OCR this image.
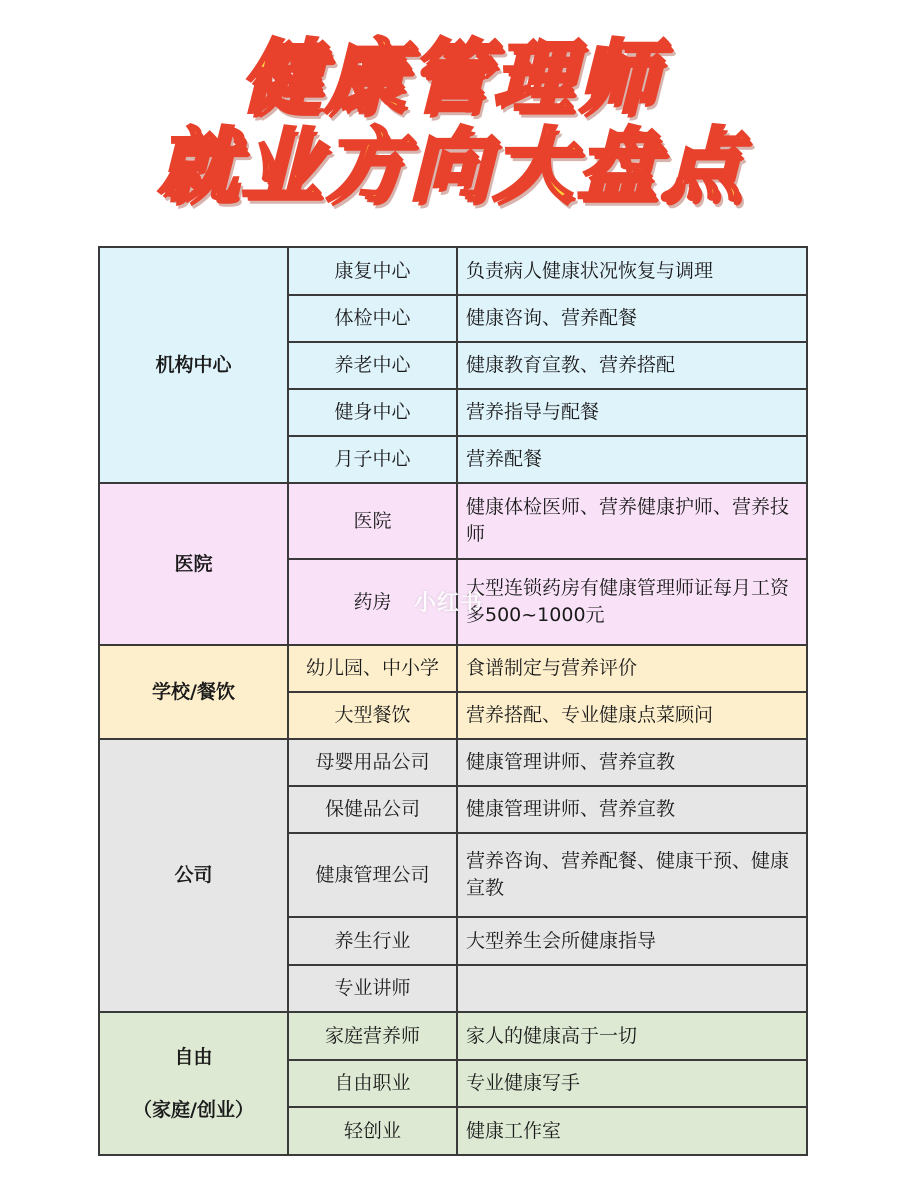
健康管理师
就业方向大盘点
机构中心	康复中心	负责病人健康状况恢复与调理
	体检中心	健康咨询、营养配餐
	养老中心	健康教育宣教、营养搭配
	健身中心	营养指导与配餐
	月子中心	营养配餐
医院	医院	健康体检医师、营养健康护师、营养技师
	药房	大型连锁药房有健康管理师证每月工资多500~1000元
学校/餐饮	幼儿园、中小学	食谱制定与营养评价
	大型餐饮	营养搭配、专业健康点菜顾问
公司	母婴用品公司	健康管理讲师、营养宣教
	保健品公司	健康管理讲师、营养宣教
	健康管理公司	营养咨询、营养配餐、健康干预、健康宣教
	养生行业	大型养生会所健康指导
	专业讲师	

自由
（家庭/创业）	家庭营养师	家人的健康高于一切
	自由职业	专业健康写手
	轻创业	健康工作室
小红书
